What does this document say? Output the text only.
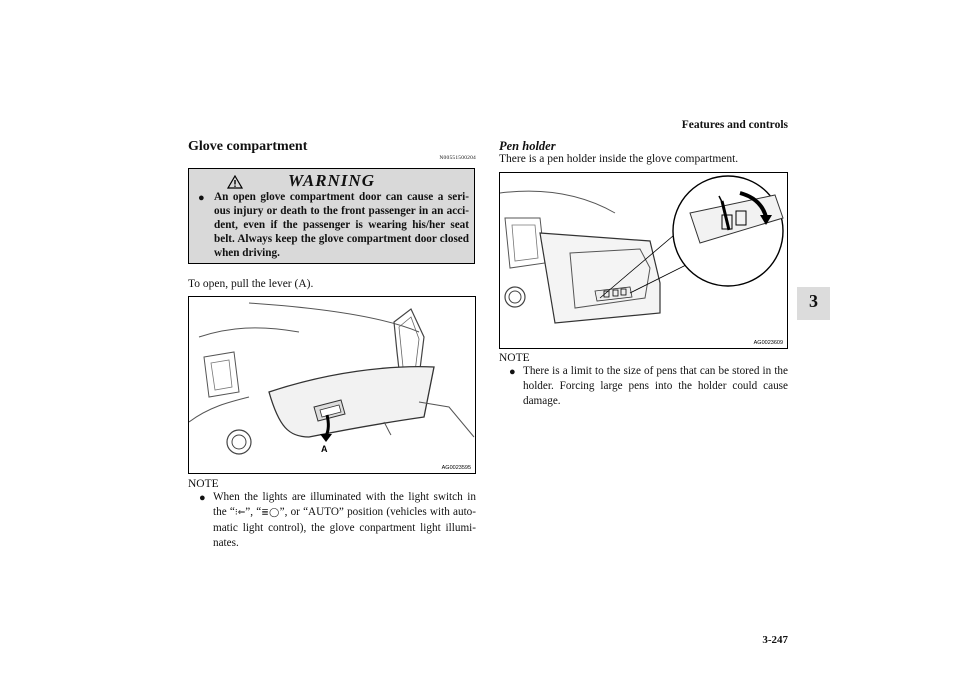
Features and controls
3
3-247
Glove compartment
N00551500204
WARNING
● An open glove compartment door can cause a seri-ous injury or death to the front passenger in an acci-dent, even if the passenger is wearing his/her seat belt. Always keep the glove compartment door closed when driving.
To open, pull the lever (A).
A
AG0023595
NOTE
● When the lights are illuminated with the light switch in the “⁝⇐”, “≣◯”, or “AUTO” position (vehicles with auto-matic light control), the glove conpartment light illumi-nates.
Pen holder
There is a pen holder inside the glove compartment.
AG0023609
NOTE
● There is a limit to the size of pens that can be stored in the holder. Forcing large pens into the holder could cause damage.
